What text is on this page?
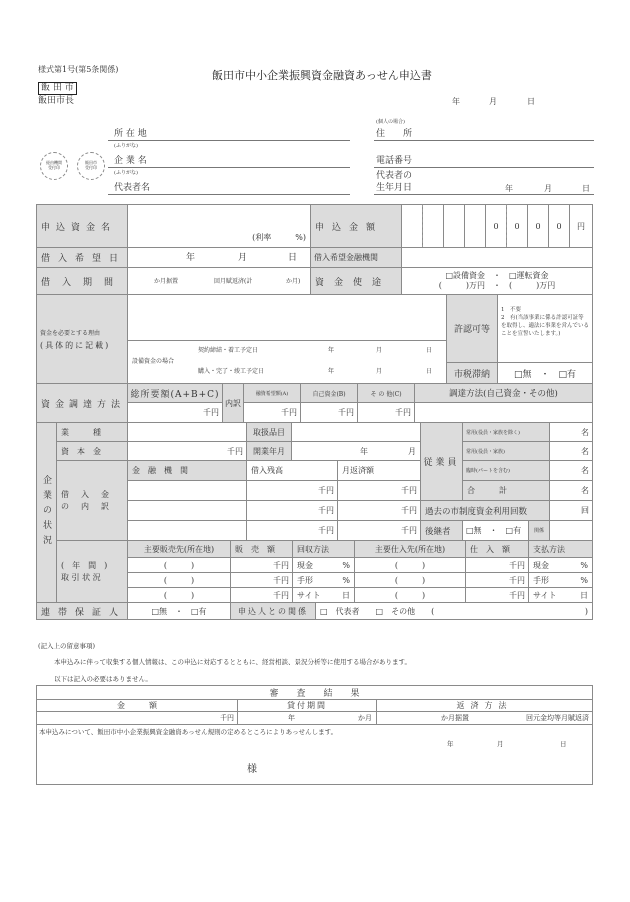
様式第1号(第5条関係)	飯田市中小企業振興資金融資あっせん申込書
飯 田 市
飯田市長	年	月	日
経由機関
受付印
飯田市
受付印
所 在 地
(ふりがな)
企 業 名
(ふりがな)
代表者名
(個人の場合)
住　　所
電話番号
代表者の
生年月日	年	月	日
申込資金名
(利率　　　%)
申込金額	0	0	0	0	円
借入希望日	年	月	日	借入希望金融機関
借入期間	か月据置	回月賦返済(計	か月) 資金使途
□設備資金　・　□運転資金
(　　　)万円　・　(　　　)万円
資金を必要とする理由
(具体的に記載)
設備資金の場合
契約締結・着工予定日	年	月	日
購入・完了・竣工予定日	年	月	日
許認可等
1　不要
2　有(当該事業に係る許認可証等を取得し、適法に事業を営んでいることを宣誓いたします。)
市税滞納	□無　・　□有
資金調達方法
総所要額(A+B+C)
千円
内訳
融資希望額(A)	自己資金(B)	そ の 他(C)
千円	千円	千円
調達方法(自己資金・その他)
企業の状況
業　　　種	取扱品目
資　本　金	千円	開業年月	年	月
従業員
常用(役員・家族を除く)	名
常用(役員・家族)	名
臨時(パートを含む)	名
合　　　計	名
借　入　金
の　内　訳
金　融　機　関	借入残高	月返済額
千円	千円
千円	千円
千円	千円
過去の市制度資金利用回数	回
後継者	□無　・　□有	関係
(　年　間　)
取 引 状 況
主要販売先(所在地)	販　売　額	回収方法	主要仕入先(所在地)	仕　入　額	支払方法
(　　　)	千円	現金	%	(　　　)	千円	現金	%
(　　　)	千円	手形	%	(　　　)	千円	手形	%
(　　　)	千円	サイト	日	(　　　)	千円	サイト	日
連帯保証人	□無　・　□有	申込人との関係	□　代表者　　□　その他　　(	)
(記入上の留意事項)
本申込みに伴って収集する個人情報は、この申込に対応するとともに、経営相談、景況分析等に使用する場合があります。
以下は記入の必要はありません。
審　　査　　結　　果
金　　　額	貸付期間	返済方法
千円	年	か月	か月据置	回元金均等月賦返済
本申込みについて、飯田市中小企業振興資金融資あっせん規則の定めるところによりあっせんします。
年	月	日
様
